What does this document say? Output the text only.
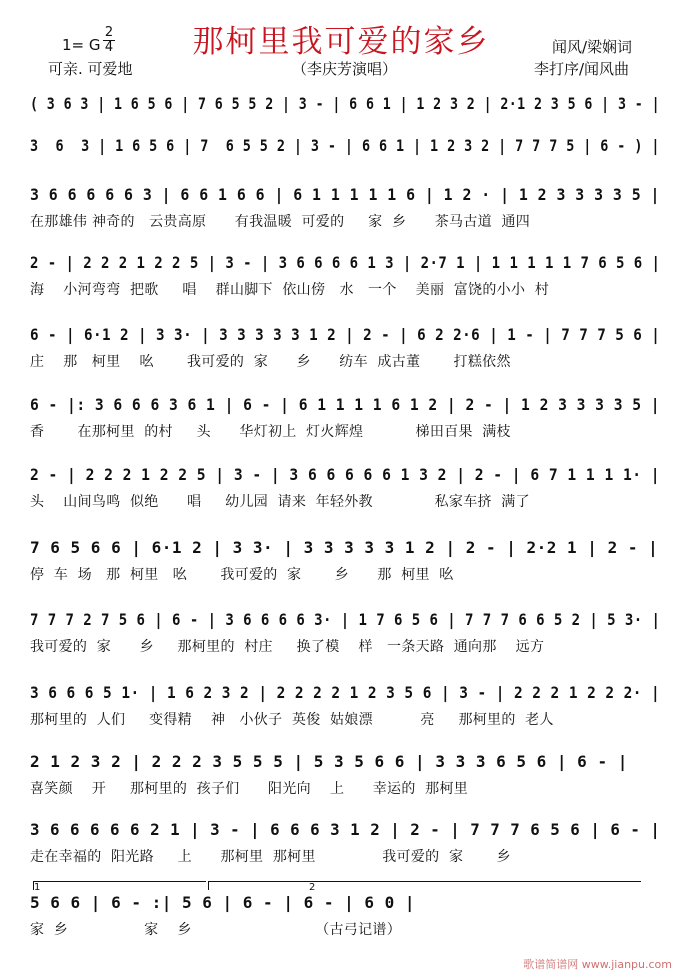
那柯里我可爱的家乡
1= G
2
4
可亲. 可爱地	（李庆芳演唱）
闻风/梁娴词
李打序/闻风曲
( 3 6 3 | 1 6 5 6 | 7 6 5 5 2 | 3 - | 6 6 1 | 1 2 3 2 | 2·1 2 3 5 6 | 3 - |
3  6  3 | 1 6 5 6 | 7  6 5 5 2 | 3 - | 6 6 1 | 1 2 3 2 | 7 7 7 5 | 6 - ) |
3 6 6 6 6 6 3 | 6 6 1 6 6 | 6 1 1 1 1 1 6 | 1 2 · | 1 2 3 3 3 3 5 |
在那雄伟 神奇的   云贵高原      有我温暖  可爱的     家  乡      茶马古道  通四
2 - | 2 2 2 1 2 2 5 | 3 - | 3 6 6 6 6 1 3 | 2·7 1 | 1 1 1 1 1 7 6 5 6 |
海    小河弯弯  把歌     唱    群山脚下  依山傍   水   一个    美丽  富饶的小小  村
6 - | 6·1 2 | 3 3· | 3 3 3 3 3 1 2 | 2 - | 6 2 2·6 | 1 - | 7 7 7 5 6 |
庄    那   柯里    吆       我可爱的  家      乡      纺车  成古董       打糕依然
6 - |: 3 6 6 6 3 6 1 | 6 - | 6 1 1 1 1 6 1 2 | 2 - | 1 2 3 3 3 3 5 |
香       在那柯里  的村     头      华灯初上  灯火辉煌           梯田百果  满枝
2 - | 2 2 2 1 2 2 5 | 3 - | 3 6 6 6 6 6 1 3 2 | 2 - | 6 7 1 1 1 1· |
头    山间鸟鸣  似绝      唱     幼儿园  请来  年轻外教             私家车挤  满了
7 6 5 6 6 | 6·1 2 | 3 3· | 3 3 3 3 3 1 2 | 2 - | 2·2 1 | 2 - |
停  车  场   那  柯里   吆       我可爱的  家       乡      那  柯里  吆
7 7 7 2 7 5 6 | 6 - | 3 6 6 6 6 3· | 1 7 6 5 6 | 7 7 7 6 6 5 2 | 5 3· |
我可爱的  家      乡     那柯里的  村庄     换了模    样   一条天路  通向那    远方
3 6 6 6 5 1· | 1 6 2 3 2 | 2 2 2 2 1 2 3 5 6 | 3 - | 2 2 2 1 2 2 2· |
那柯里的  人们     变得精    神   小伙子  英俊  姑娘漂          亮     那柯里的  老人
2 1 2 3 2 | 2 2 2 3 5 5 5 | 5 3 5 6 6 | 3 3 3 6 5 6 | 6 - |
喜笑颜    开     那柯里的  孩子们      阳光向    上      幸运的  那柯里
3 6 6 6 6 6 2 1 | 3 - | 6 6 6 3 1 2 | 2 - | 7 7 7 6 5 6 | 6 - |
走在幸福的  阳光路     上      那柯里  那柯里              我可爱的  家       乡
5 6 6 | 6 - :| 5 6 | 6 - | 6 - | 6 0 |
家  乡                家    乡                          （古弓记谱）
1	2
歌谱简谱网 www.jianpu.com
